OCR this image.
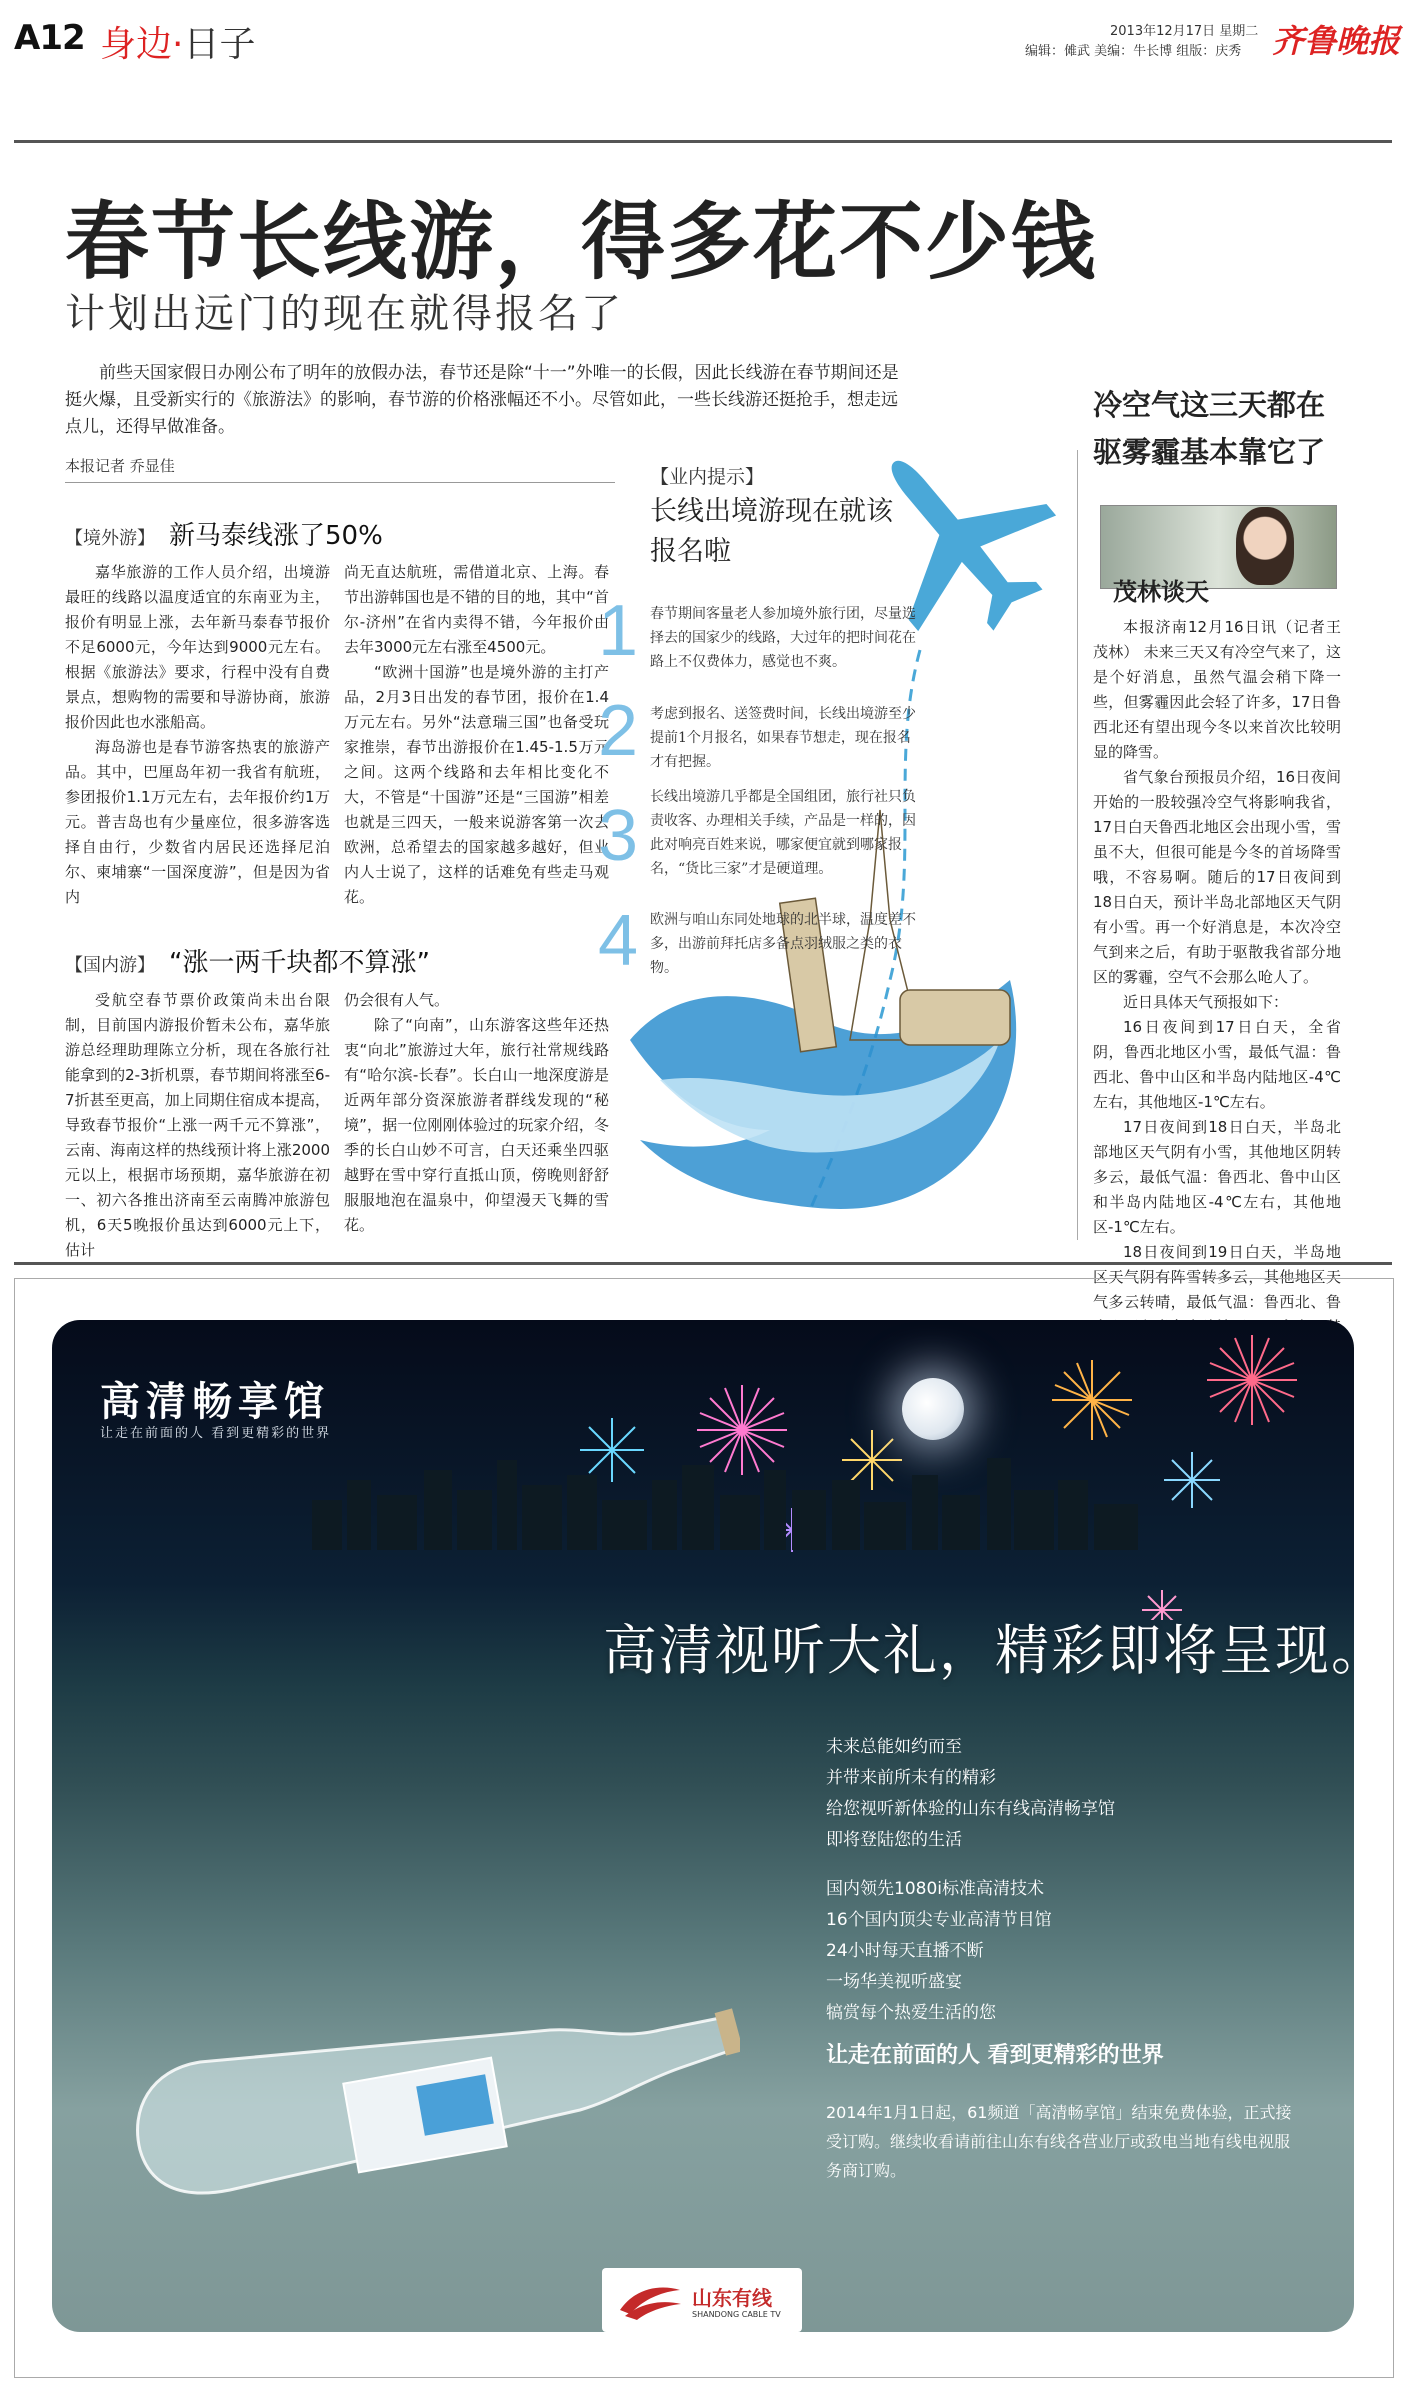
A12 身边·日子	2013年12月17日 星期二
编辑：傩武 美编：牛长博 组版：庆秀 齐鲁晚报
春节长线游，得多花不少钱
计划出远门的现在就得报名了
前些天国家假日办刚公布了明年的放假办法，春节还是除“十一”外唯一的长假，因此长线游在春节期间还是挺火爆，且受新实行的《旅游法》的影响，春节游的价格涨幅还不小。尽管如此，一些长线游还挺抢手，想走远点儿，还得早做准备。
本报记者 乔显佳
【境外游】 新马泰线涨了50%

嘉华旅游的工作人员介绍，出境游最旺的线路以温度适宜的东南亚为主，报价有明显上涨，去年新马泰春节报价不足6000元，今年达到9000元左右。根据《旅游法》要求，行程中没有自费景点，想购物的需要和导游协商，旅游报价因此也水涨船高。

海岛游也是春节游客热衷的旅游产品。其中，巴厘岛年初一我省有航班，参团报价1.1万元左右，去年报价约1万元。普吉岛也有少量座位，很多游客选择自由行，少数省内居民还选择尼泊尔、柬埔寨“一国深度游”，但是因为省内

尚无直达航班，需借道北京、上海。春节出游韩国也是不错的目的地，其中“首尔-济州”在省内卖得不错，今年报价由去年3000元左右涨至4500元。

“欧洲十国游”也是境外游的主打产品，2月3日出发的春节团，报价在1.4万元左右。另外“法意瑞三国”也备受玩家推崇，春节出游报价在1.45-1.5万元之间。这两个线路和去年相比变化不大，不管是“十国游”还是“三国游”相差也就是三四天，一般来说游客第一次去欧洲，总希望去的国家越多越好，但业内人士说了，这样的话难免有些走马观花。

【国内游】 “涨一两千块都不算涨”

受航空春节票价政策尚未出台限制，目前国内游报价暂未公布，嘉华旅游总经理助理陈立分析，现在各旅行社能拿到的2-3折机票，春节期间将涨至6-7折甚至更高，加上同期住宿成本提高，导致春节报价“上涨一两千元不算涨”，云南、海南这样的热线预计将上涨2000元以上，根据市场预期，嘉华旅游在初一、初六各推出济南至云南腾冲旅游包机，6天5晚报价虽达到6000元上下，估计

仍会很有人气。

除了“向南”，山东游客这些年还热衷“向北”旅游过大年，旅行社常规线路有“哈尔滨-长春”。长白山一地深度游是近两年部分资深旅游者群线发现的“秘境”，据一位刚刚体验过的玩家介绍，冬季的长白山妙不可言，白天还乘坐四驱越野在雪中穿行直抵山顶，傍晚则舒舒服服地泡在温泉中，仰望漫天飞舞的雪花。

【业内提示】
长线出境游现在就该报名啦
1 春节期间客量老人参加境外旅行团，尽量选择去的国家少的线路，大过年的把时间花在路上不仅费体力，感觉也不爽。
2 考虑到报名、送签费时间，长线出境游至少提前1个月报名，如果春节想走，现在报名才有把握。
3 长线出境游几乎都是全国组团，旅行社只负责收客、办理相关手续，产品是一样的，因此对响亮百姓来说，哪家便宜就到哪家报名，“货比三家”才是硬道理。
4 欧洲与咱山东同处地球的北半球，温度差不多，出游前拜托店多备点羽绒服之类的衣物。
冷空气这三天都在
驱雾霾基本靠它了
茂林谈天

本报济南12月16日讯（记者王茂林） 未来三天又有冷空气来了，这是个好消息，虽然气温会稍下降一些，但雾霾因此会轻了许多，17日鲁西北还有望出现今冬以来首次比较明显的降雪。

省气象台预报员介绍，16日夜间开始的一股较强冷空气将影响我省，17日白天鲁西北地区会出现小雪，雪虽不大，但很可能是今冬的首场降雪哦，不容易啊。随后的17日夜间到18日白天，预计半岛北部地区天气阴有小雪。再一个好消息是，本次冷空气到来之后，有助于驱散我省部分地区的雾霾，空气不会那么呛人了。

近日具体天气预报如下：

16日夜间到17日白天，全省阴，鲁西北地区小雪，最低气温：鲁西北、鲁中山区和半岛内陆地区-4℃左右，其他地区-1℃左右。

17日夜间到18日白天，半岛北部地区天气阴有小雪，其他地区阴转多云，最低气温：鲁西北、鲁中山区和半岛内陆地区-4℃左右，其他地区-1℃左右。

18日夜间到19日白天，半岛地区天气阴有阵雪转多云，其他地区天气多云转晴，最低气温：鲁西北、鲁

高清畅享馆
让走在前面的人 看到更精彩的世界
高清视听大礼，精彩即将呈现。
未来总能如约而至
并带来前所未有的精彩
给您视听新体验的山东有线高清畅享馆
即将登陆您的生活
国内领先1080i标准高清技术
16个国内顶尖专业高清节目馆
24小时每天直播不断
一场华美视听盛宴
犒赏每个热爱生活的您
让走在前面的人 看到更精彩的世界
2014年1月1日起，61频道「高清畅享馆」结束免费体验，正式接受订购。继续收看请前往山东有线各营业厅或致电当地有线电视服务商订购。
山东有线
SHANDONG CABLE TV
